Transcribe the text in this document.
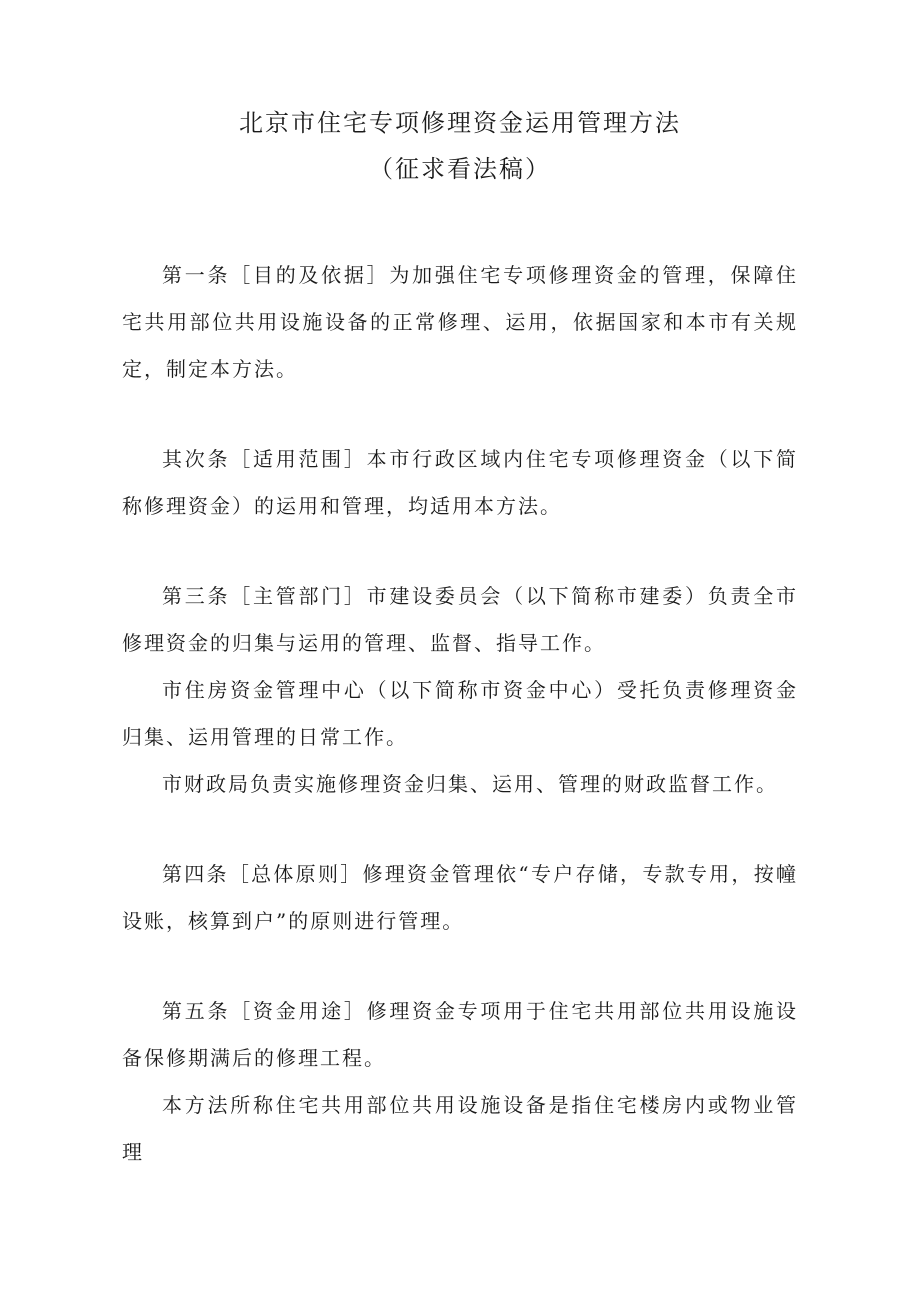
北京市住宅专项修理资金运用管理方法
（征求看法稿）

第一条［目的及依据］为加强住宅专项修理资金的管理，保障住宅共用部位共用设施设备的正常修理、运用，依据国家和本市有关规定，制定本方法。

其次条［适用范围］本市行政区域内住宅专项修理资金（以下简称修理资金）的运用和管理，均适用本方法。

第三条［主管部门］市建设委员会（以下简称市建委）负责全市修理资金的归集与运用的管理、监督、指导工作。

市住房资金管理中心（以下简称市资金中心）受托负责修理资金归集、运用管理的日常工作。

市财政局负责实施修理资金归集、运用、管理的财政监督工作。

第四条［总体原则］修理资金管理依“专户存储，专款专用，按幢设账，核算到户”的原则进行管理。

第五条［资金用途］修理资金专项用于住宅共用部位共用设施设备保修期满后的修理工程。

本方法所称住宅共用部位共用设施设备是指住宅楼房内或物业管理
